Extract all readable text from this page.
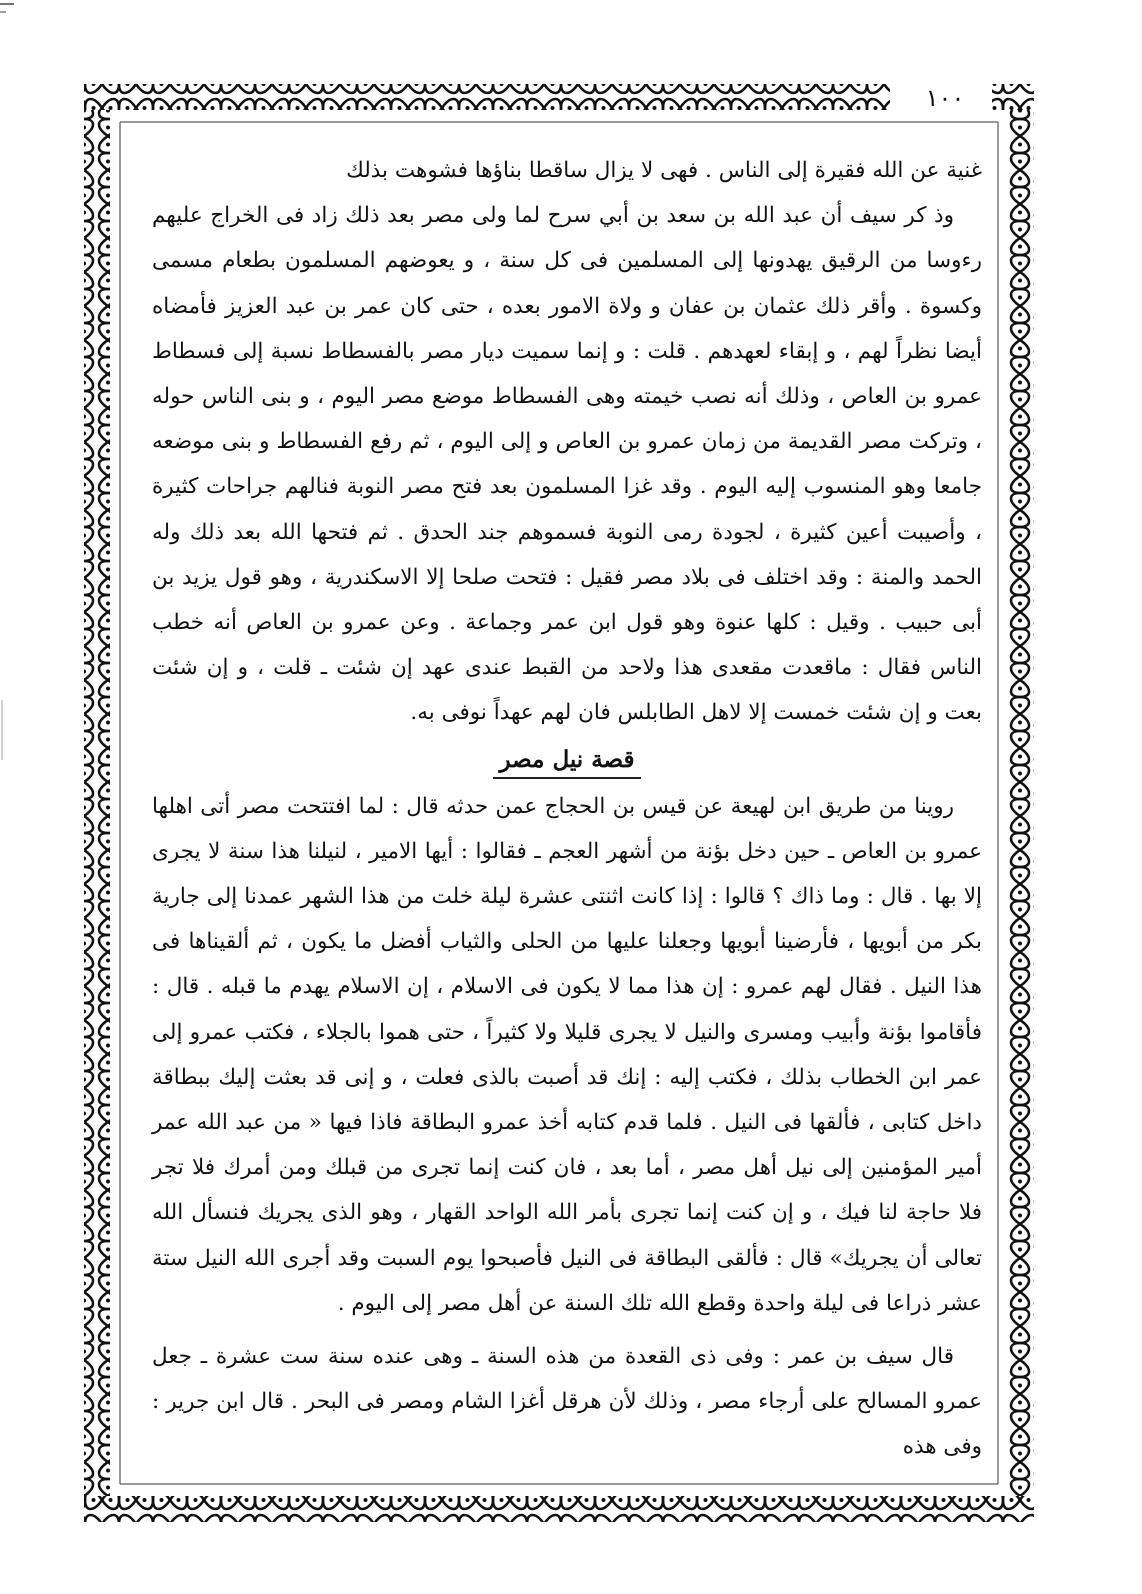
١٠٠

غنية عن الله فقيرة إلى الناس . فهى لا يزال ساقطا بناؤها فشوهت بذلك

وذ كر سيف أن عبد الله بن سعد بن أبي سرح لما ولى مصر بعد ذلك زاد فى الخراج عليهم رءوسا من الرقيق يهدونها إلى المسلمين فى كل سنة ، و يعوضهم المسلمون بطعام مسمى وكسوة . وأقر ذلك عثمان بن عفان و ولاة الامور بعده ، حتى كان عمر بن عبد العزيز فأمضاه أيضا نظراً لهم ، و إبقاء لعهدهم . قلت : و إنما سميت ديار مصر بالفسطاط نسبة إلى فسطاط عمرو بن العاص ، وذلك أنه نصب خيمته وهى الفسطاط موضع مصر اليوم ، و بنى الناس حوله ، وتركت مصر القديمة من زمان عمرو بن العاص و إلى اليوم ، ثم رفع الفسطاط و بنى موضعه جامعا وهو المنسوب إليه اليوم . وقد غزا المسلمون بعد فتح مصر النوبة فنالهم جراحات كثيرة ، وأصيبت أعين كثيرة ، لجودة رمى النوبة فسموهم جند الحدق . ثم فتحها الله بعد ذلك وله الحمد والمنة : وقد اختلف فى بلاد مصر فقيل : فتحت صلحا إلا الاسكندرية ، وهو قول يزيد بن أبى حبيب . وقيل : كلها عنوة وهو قول ابن عمر وجماعة . وعن عمرو بن العاص أنه خطب الناس فقال : ماقعدت مقعدى هذا ولاحد من القبط عندى عهد إن شئت ـ قلت ، و إن شئت بعت و إن شئت خمست إلا لاهل الطابلس فان لهم عهداً نوفى به.

قصة نيل مصر

روينا من طريق ابن لهيعة عن قيس بن الحجاج عمن حدثه قال : لما افتتحت مصر أتى اهلها عمرو بن العاص ـ حين دخل بؤنة من أشهر العجم ـ فقالوا : أيها الامير ، لنيلنا هذا سنة لا يجرى إلا بها . قال : وما ذاك ؟ قالوا : إذا كانت اثنتى عشرة ليلة خلت من هذا الشهر عمدنا إلى جارية بكر من أبويها ، فأرضينا أبويها وجعلنا عليها من الحلى والثياب أفضل ما يكون ، ثم ألقيناها فى هذا النيل . فقال لهم عمرو : إن هذا مما لا يكون فى الاسلام ، إن الاسلام يهدم ما قبله . قال : فأقاموا بؤنة وأبيب ومسرى والنيل لا يجرى قليلا ولا كثيراً ، حتى هموا بالجلاء ، فكتب عمرو إلى عمر ابن الخطاب بذلك ، فكتب إليه : إنك قد أصبت بالذى فعلت ، و إنى قد بعثت إليك ببطاقة داخل كتابى ، فألقها فى النيل . فلما قدم كتابه أخذ عمرو البطاقة فاذا فيها « من عبد الله عمر أمير المؤمنين إلى نيل أهل مصر ، أما بعد ، فان كنت إنما تجرى من قبلك ومن أمرك فلا تجر فلا حاجة لنا فيك ، و إن كنت إنما تجرى بأمر الله الواحد القهار ، وهو الذى يجريك فنسأل الله تعالى أن يجريك» قال : فألقى البطاقة فى النيل فأصبحوا يوم السبت وقد أجرى الله النيل ستة عشر ذراعا فى ليلة واحدة وقطع الله تلك السنة عن أهل مصر إلى اليوم .

قال سيف بن عمر : وفى ذى القعدة من هذه السنة ـ وهى عنده سنة ست عشرة ـ جعل عمرو المسالح على أرجاء مصر ، وذلك لأن هرقل أغزا الشام ومصر فى البحر . قال ابن جرير : وفى هذه
